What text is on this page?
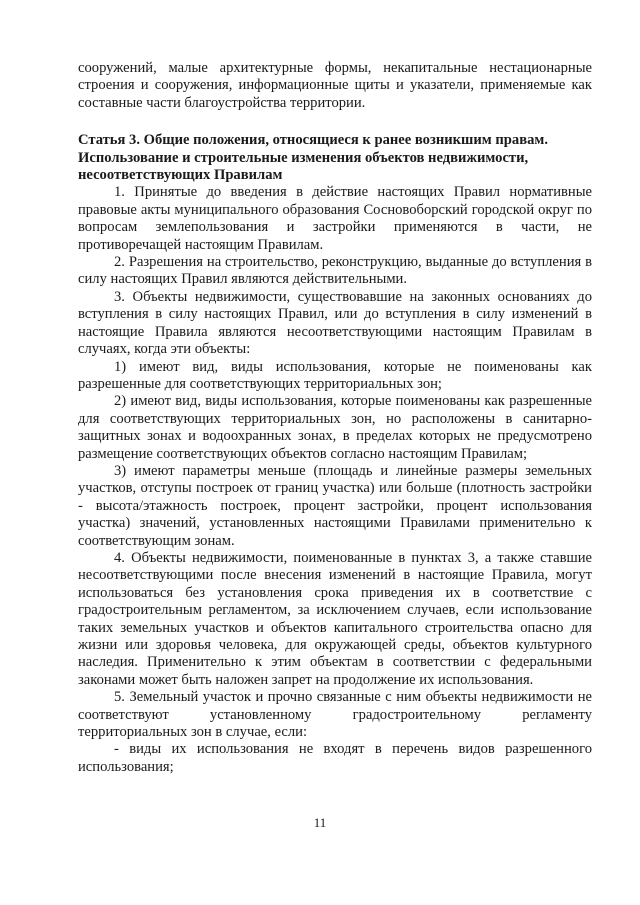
сооружений, малые архитектурные формы, некапитальные нестационарные строения и сооружения, информационные щиты и указатели, применяемые как составные части благоустройства территории.

Статья 3. Общие положения, относящиеся к ранее возникшим правам. Использование и строительные изменения объектов недвижимости, несоответствующих Правилам

1. Принятые до введения в действие настоящих Правил нормативные правовые акты муниципального образования Сосновоборский городской округ по вопросам землепользования и застройки применяются в части, не противоречащей настоящим Правилам.

2. Разрешения на строительство, реконструкцию, выданные до вступления в силу настоящих Правил являются действительными.

3. Объекты недвижимости, существовавшие на законных основаниях до вступления в силу настоящих Правил, или до вступления в силу изменений в настоящие Правила являются несоответствующими настоящим Правилам в случаях, когда эти объекты:

1) имеют вид, виды использования, которые не поименованы как разрешенные для соответствующих территориальных зон;

2) имеют вид, виды использования, которые поименованы как разрешенные для соответствующих территориальных зон, но расположены в санитарно-защитных зонах и водоохранных зонах, в пределах которых не предусмотрено размещение соответствующих объектов согласно настоящим Правилам;

3) имеют параметры меньше (площадь и линейные размеры земельных участков, отступы построек от границ участка) или больше (плотность застройки - высота/этажность построек, процент застройки, процент использования участка) значений, установленных настоящими Правилами применительно к соответствующим зонам.

4. Объекты недвижимости, поименованные в пунктах 3, а также ставшие несоответствующими после внесения изменений в настоящие Правила, могут использоваться без установления срока приведения их в соответствие с градостроительным регламентом, за исключением случаев, если использование таких земельных участков и объектов капитального строительства опасно для жизни или здоровья человека, для окружающей среды, объектов культурного наследия. Применительно к этим объектам в соответствии с федеральными законами может быть наложен запрет на продолжение их использования.

5. Земельный участок и прочно связанные с ним объекты недвижимости не соответствуют установленному градостроительному регламенту территориальных зон в случае, если:

- виды их использования не входят в перечень видов разрешенного использования;

11
